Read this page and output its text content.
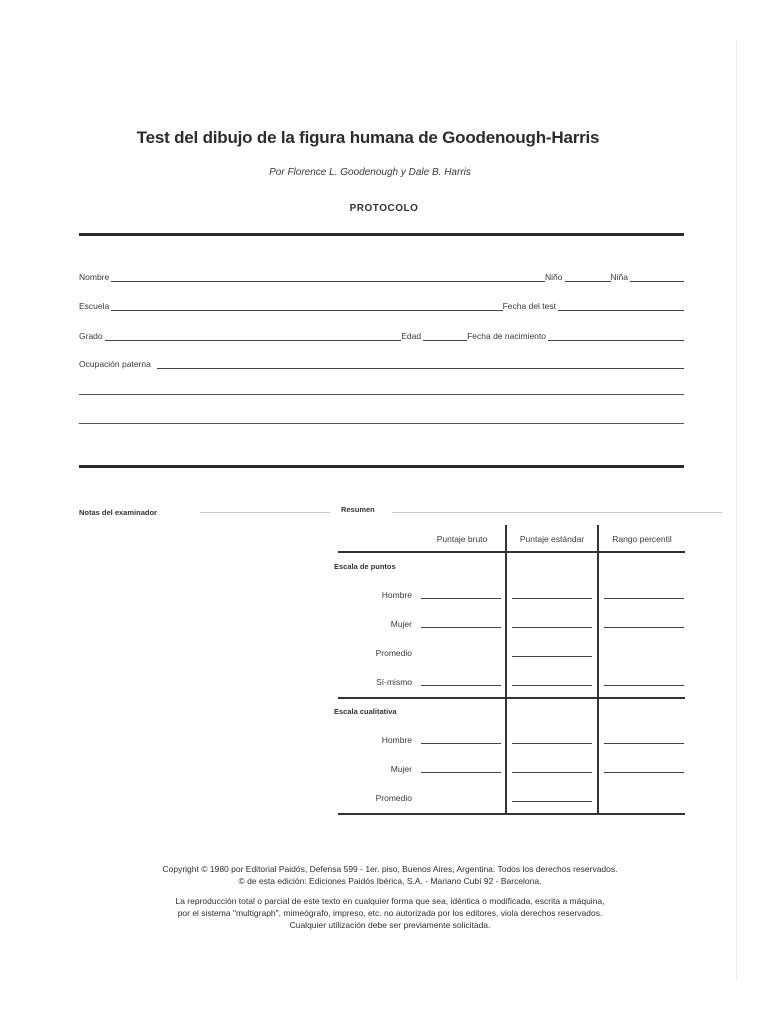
Test del dibujo de la figura humana de Goodenough-Harris
Por Florence L. Goodenough y Dale B. Harris
PROTOCOLO
Nombre	Niño	Niña
Escuela	Fecha del test
Grado	Edad	Fecha de nacimiento
Ocupación paterna
Notas del examinador	Resumen
Puntaje bruto	Puntaje estándar	Rango percentil
Escala de puntos
Hombre
Mujer
Promedio
Sí-mismo
Escala cualitativa
Hombre
Mujer
Promedio
Copyright © 1980 por Editorial Paidós, Defensa 599 - 1er. piso, Buenos Aires, Argentina. Todos los derechos reservados.
© de esta edición: Ediciones Paidós Ibérica, S.A. - Mariano Cubí 92 - Barcelona.
La reproducción total o parcial de este texto en cualquier forma que sea, idéntica o modificada, escrita a máquina,
por el sistema "multigraph", mimeógrafo, impreso, etc. no autorizada por los editores, viola derechos reservados.
Cualquier utilización debe ser previamente solicitada.
